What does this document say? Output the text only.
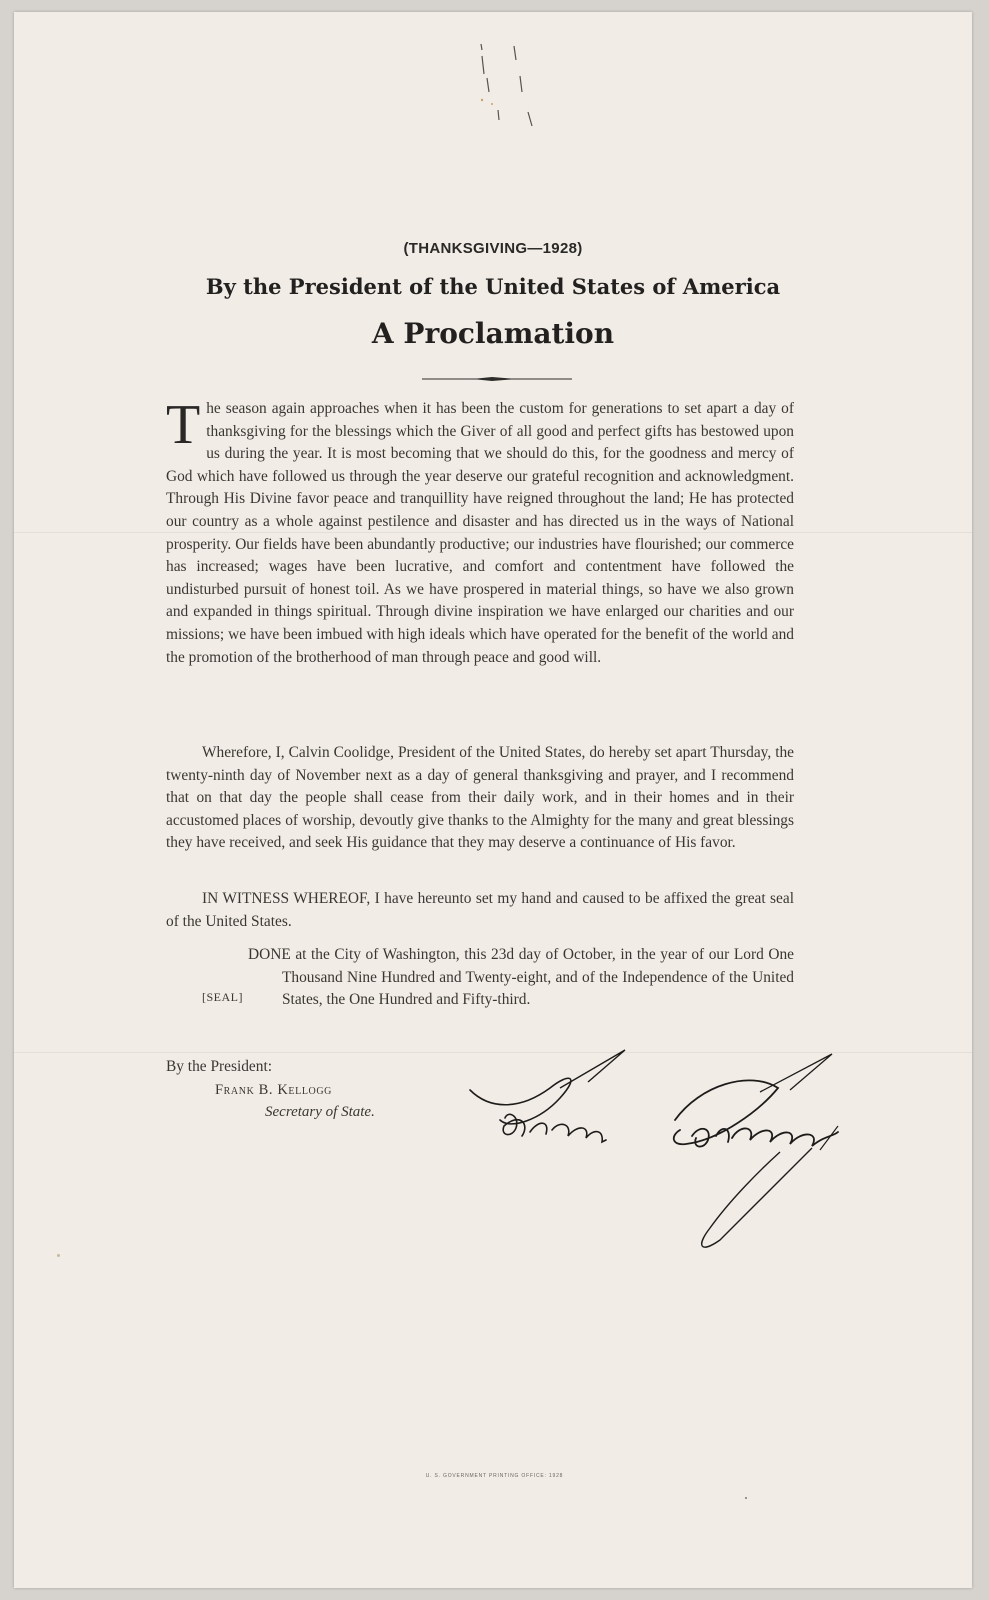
(THANKSGIVING—1928)
By the President of the United States of America
A Proclamation
The season again approaches when it has been the custom for generations to set apart a day of thanksgiving for the blessings which the Giver of all good and perfect gifts has bestowed upon us during the year. It is most becoming that we should do this, for the goodness and mercy of God which have followed us through the year deserve our grateful recognition and acknowledgment. Through His Divine favor peace and tranquillity have reigned throughout the land; He has protected our country as a whole against pestilence and disaster and has directed us in the ways of National prosperity. Our fields have been abundantly productive; our industries have flourished; our commerce has increased; wages have been lucrative, and comfort and contentment have followed the undisturbed pursuit of honest toil. As we have prospered in material things, so have we also grown and expanded in things spiritual. Through divine inspiration we have enlarged our charities and our missions; we have been imbued with high ideals which have operated for the benefit of the world and the promotion of the brotherhood of man through peace and good will.
Wherefore, I, Calvin Coolidge, President of the United States, do hereby set apart Thursday, the twenty-ninth day of November next as a day of general thanksgiving and prayer, and I recommend that on that day the people shall cease from their daily work, and in their homes and in their accustomed places of worship, devoutly give thanks to the Almighty for the many and great blessings they have received, and seek His guidance that they may deserve a continuance of His favor.
IN WITNESS WHEREOF, I have hereunto set my hand and caused to be affixed the great seal of the United States.
DONE at the City of Washington, this 23d day of October, in the year of our Lord One Thousand Nine Hundred and Twenty-eight, and of the Independence of the United States, the One Hundred and Fifty-third.
[SEAL]
By the President:
Frank B. Kellogg
Secretary of State.
U. S. GOVERNMENT PRINTING OFFICE: 1928
